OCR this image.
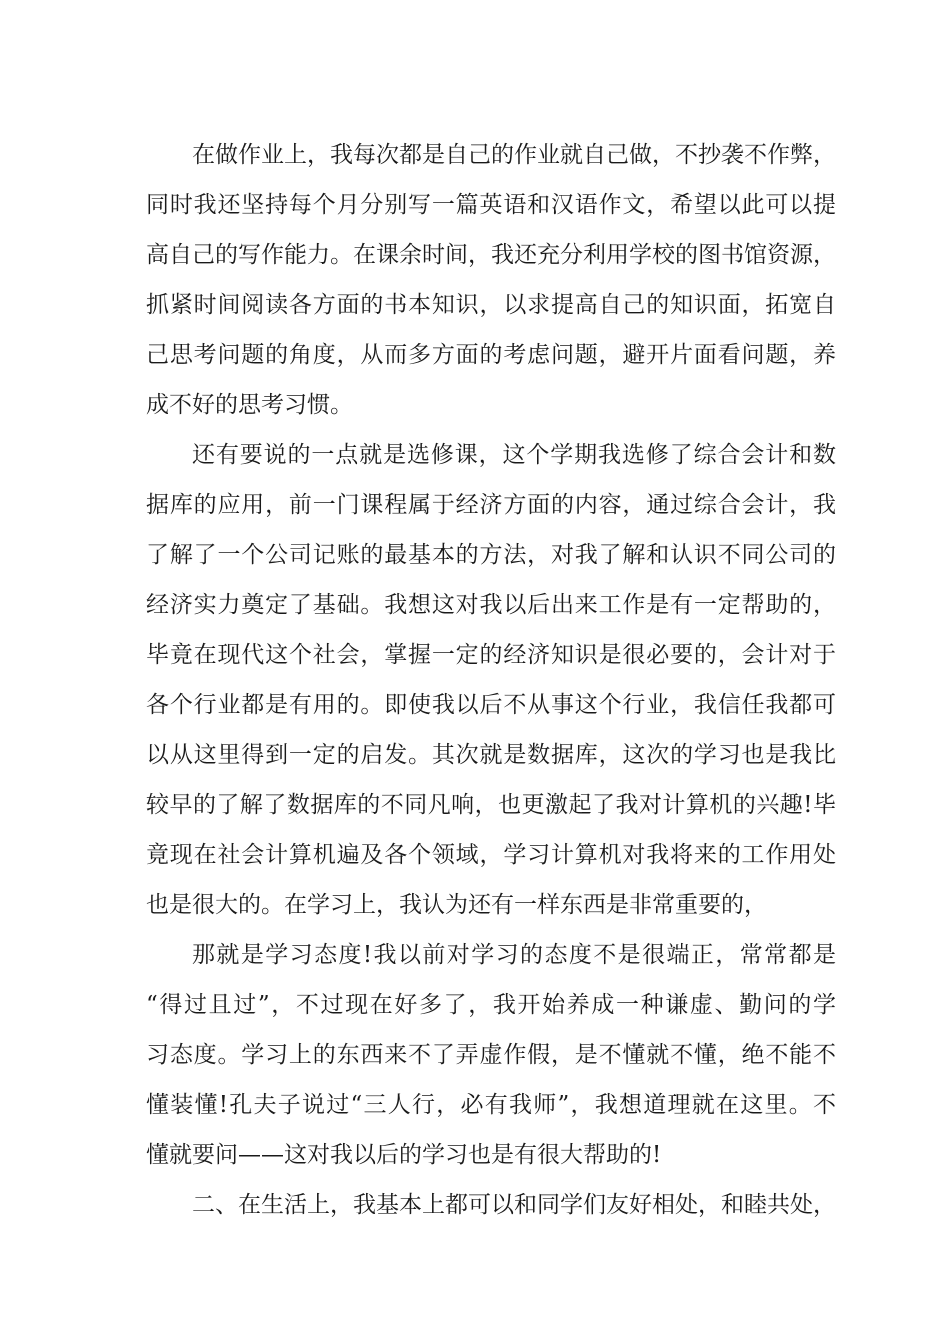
在做作业上，我每次都是自己的作业就自己做，不抄袭不作弊，
同时我还坚持每个月分别写一篇英语和汉语作文，希望以此可以提
高自己的写作能力。在课余时间，我还充分利用学校的图书馆资源，
抓紧时间阅读各方面的书本知识，以求提高自己的知识面，拓宽自
己思考问题的角度，从而多方面的考虑问题，避开片面看问题，养
成不好的思考习惯。
还有要说的一点就是选修课，这个学期我选修了综合会计和数
据库的应用，前一门课程属于经济方面的内容，通过综合会计，我
了解了一个公司记账的最基本的方法，对我了解和认识不同公司的
经济实力奠定了基础。我想这对我以后出来工作是有一定帮助的，
毕竟在现代这个社会，掌握一定的经济知识是很必要的，会计对于
各个行业都是有用的。即使我以后不从事这个行业，我信任我都可
以从这里得到一定的启发。其次就是数据库，这次的学习也是我比
较早的了解了数据库的不同凡响，也更激起了我对计算机的兴趣!毕
竟现在社会计算机遍及各个领域，学习计算机对我将来的工作用处
也是很大的。在学习上，我认为还有一样东西是非常重要的，
那就是学习态度!我以前对学习的态度不是很端正，常常都是
“得过且过”，不过现在好多了，我开始养成一种谦虚、勤问的学
习态度。学习上的东西来不了弄虚作假，是不懂就不懂，绝不能不
懂装懂!孔夫子说过“三人行，必有我师”，我想道理就在这里。不
懂就要问——这对我以后的学习也是有很大帮助的!
二、在生活上，我基本上都可以和同学们友好相处，和睦共处，
